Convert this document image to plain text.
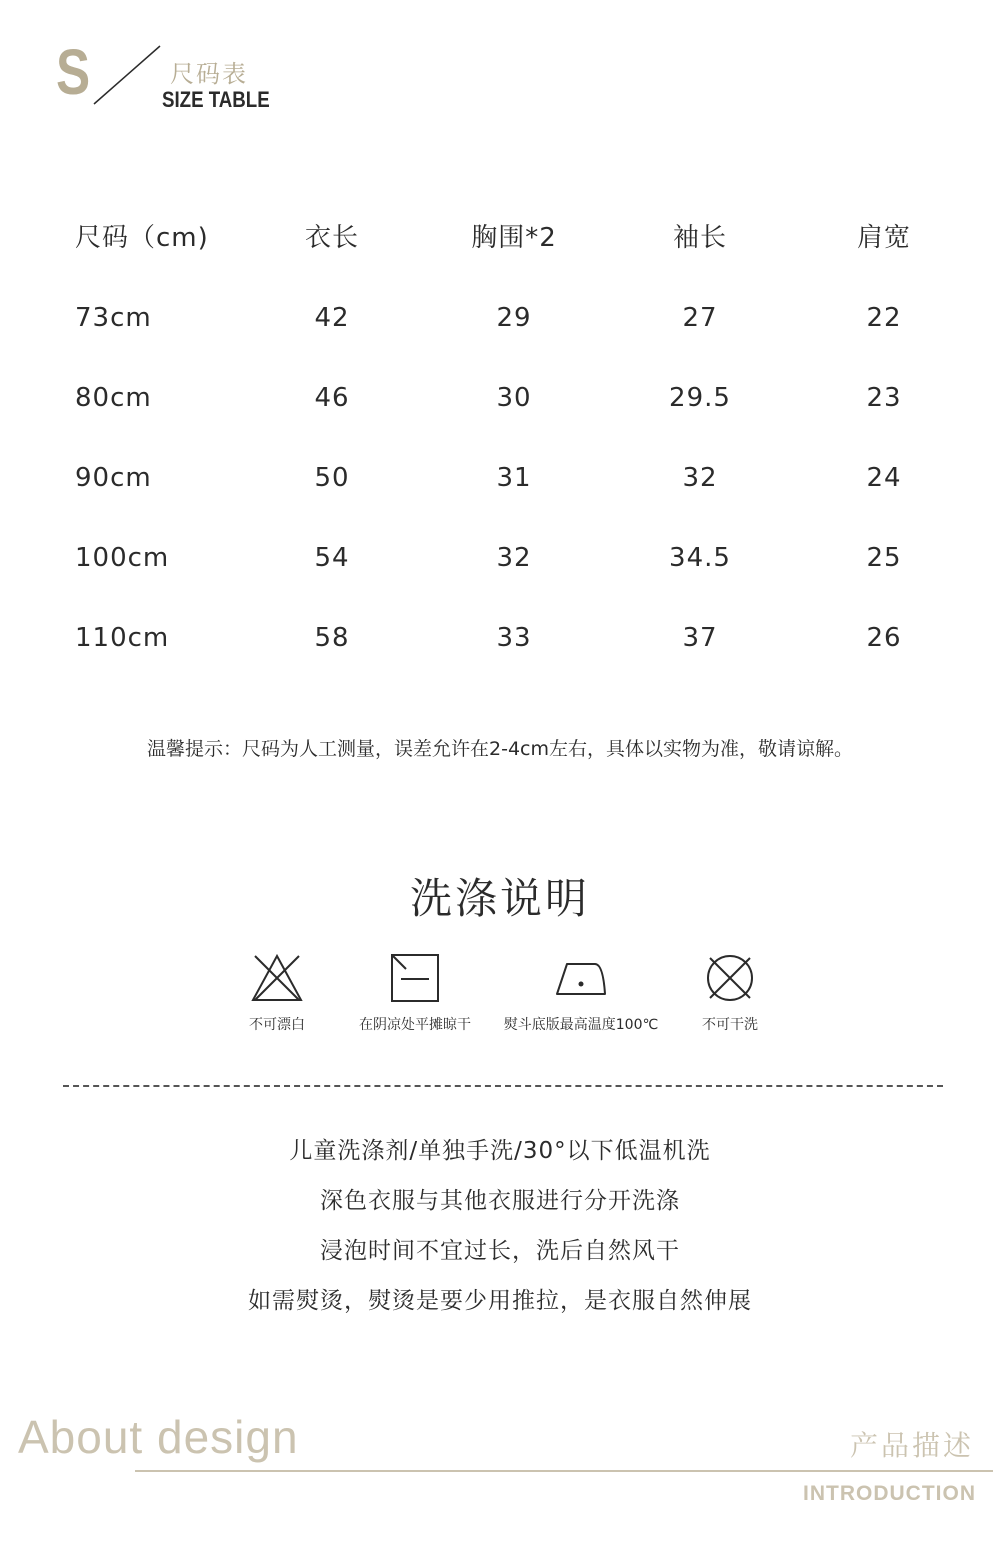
S	尺码表
SIZE TABLE
尺码（cm)	衣长	胸围*2	袖长	肩宽
73cm	42	29	27	22
80cm	46	30	29.5	23
90cm	50	31	32	24
100cm	54	32	34.5	25
110cm	58	33	37	26
温馨提示：尺码为人工测量，误差允许在2-4cm左右，具体以实物为准，敬请谅解。
洗涤说明
不可漂白	在阴凉处平摊晾干	熨斗底版最高温度100℃	不可干洗
儿童洗涤剂/单独手洗/30°以下低温机洗
深色衣服与其他衣服进行分开洗涤
浸泡时间不宜过长，洗后自然风干
如需熨烫，熨烫是要少用推拉，是衣服自然伸展
About design	产品描述
INTRODUCTION
